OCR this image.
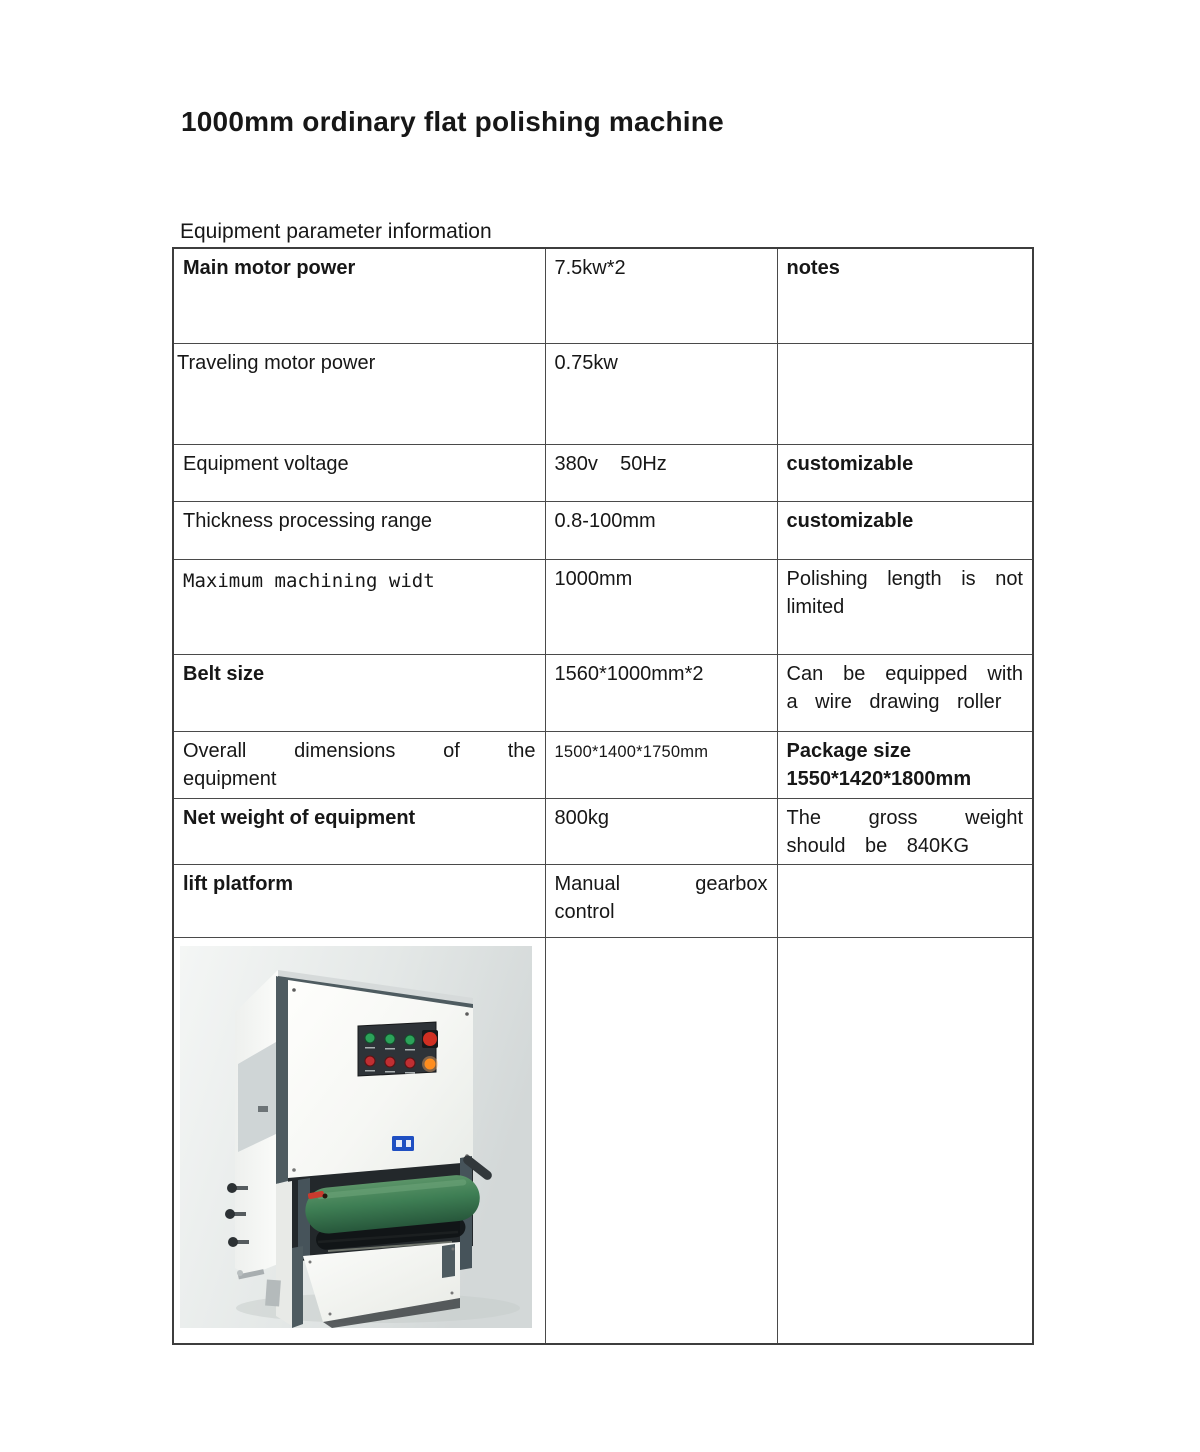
1000mm ordinary flat polishing machine
Equipment parameter information
Main motor power	7.5kw*2	notes
Traveling motor power	0.75kw	
Equipment voltage	380v    50Hz	customizable
Thickness processing range	0.8-100mm	customizable
Maximum machining widt	1000mm	Polishing length is not limited
Belt size	1560*1000mm*2	Can be equipped with a wire drawing roller
Overall dimensions of the equipment	1500*1400*1750mm	Package size 1550*1420*1800mm
Net weight of equipment	800kg	The gross weight should be 840KG
lift platform	Manual gearbox control	
